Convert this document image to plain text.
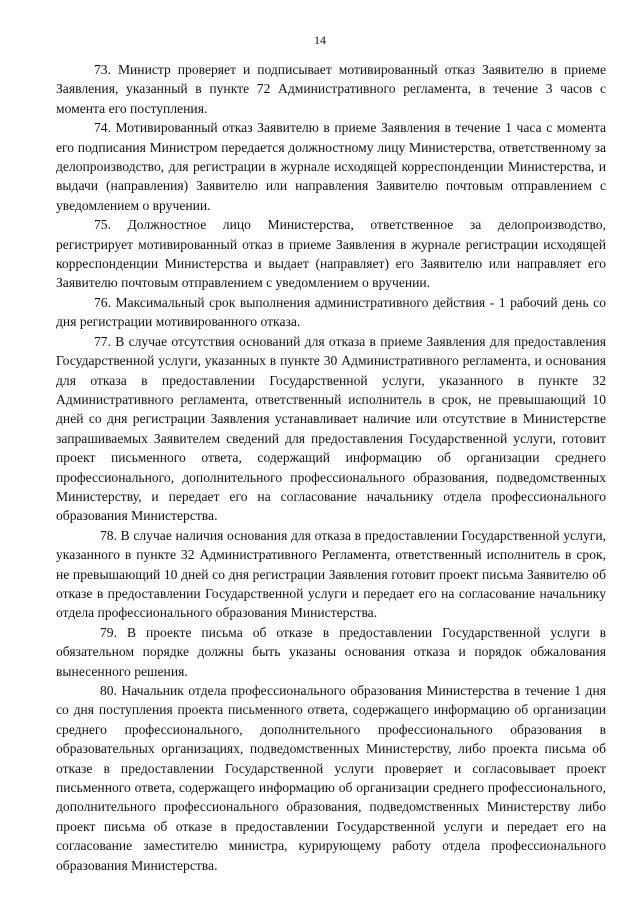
14

73. Министр проверяет и подписывает мотивированный отказ Заявителю в приеме Заявления, указанный в пункте 72 Административного регламента, в течение 3 часов с момента его поступления.

74. Мотивированный отказ Заявителю в приеме Заявления в течение 1 часа с момента его подписания Министром передается должностному лицу Министерства, ответственному за делопроизводство, для регистрации в журнале исходящей корреспонденции Министерства, и выдачи (направления) Заявителю или направления Заявителю почтовым отправлением с уведомлением о вручении.

75. Должностное лицо Министерства, ответственное за делопроизводство, регистрирует мотивированный отказ в приеме Заявления в журнале регистрации исходящей корреспонденции Министерства и выдает (направляет) его Заявителю или направляет его Заявителю почтовым отправлением с уведомлением о вручении.

76. Максимальный срок выполнения административного действия - 1 рабочий день со дня регистрации мотивированного отказа.

77. В случае отсутствия оснований для отказа в приеме Заявления для предоставления Государственной услуги, указанных в пункте 30 Административного регламента, и основания для отказа в предоставлении Государственной услуги, указанного в пункте 32 Административного регламента, ответственный исполнитель в срок, не превышающий 10 дней со дня регистрации Заявления устанавливает наличие или отсутствие в Министерстве запрашиваемых Заявителем сведений для предоставления Государственной услуги, готовит проект письменного ответа, содержащий информацию об организации среднего профессионального, дополнительного профессионального образования, подведомственных Министерству, и передает его на согласование начальнику отдела профессионального образования Министерства.

78. В случае наличия основания для отказа в предоставлении Государственной услуги, указанного в пункте 32 Административного Регламента, ответственный исполнитель в срок, не превышающий 10 дней со дня регистрации Заявления готовит проект письма Заявителю об отказе в предоставлении Государственной услуги и передает его на согласование начальнику отдела профессионального образования Министерства.

79. В проекте письма об отказе в предоставлении Государственной услуги в обязательном порядке должны быть указаны основания отказа и порядок обжалования вынесенного решения.

80. Начальник отдела профессионального образования Министерства в течение 1 дня со дня поступления проекта письменного ответа, содержащего информацию об организации среднего профессионального, дополнительного профессионального образования в образовательных организациях, подведомственных Министерству, либо проекта письма об отказе в предоставлении Государственной услуги проверяет и согласовывает проект письменного ответа, содержащего информацию об организации среднего профессионального, дополнительного профессионального образования, подведомственных Министерству либо проект письма об отказе в предоставлении Государственной услуги и передает его на согласование заместителю министра, курирующему работу отдела профессионального образования Министерства.
